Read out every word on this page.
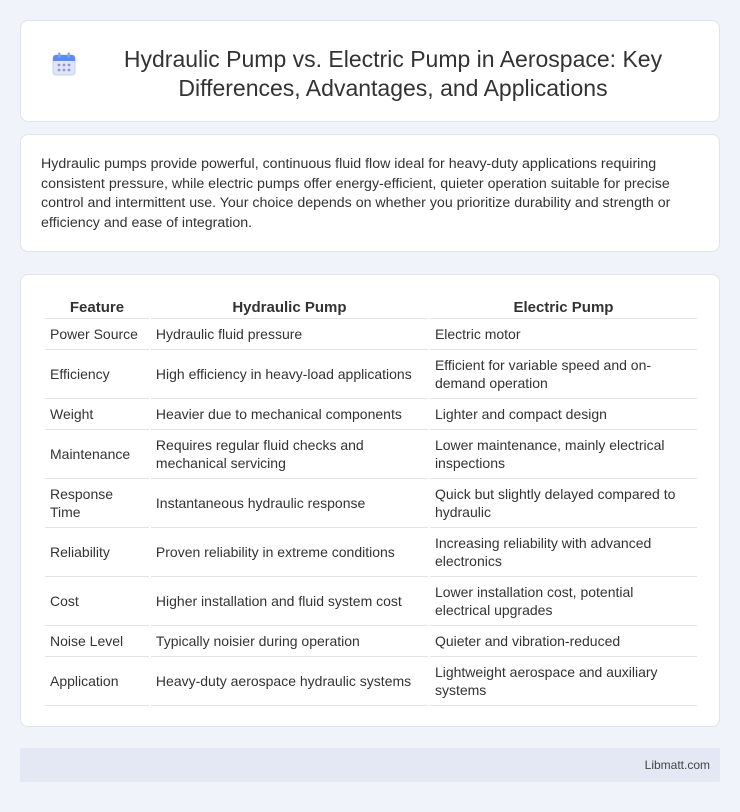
Hydraulic Pump vs. Electric Pump in Aerospace: Key Differences, Advantages, and Applications

Hydraulic pumps provide powerful, continuous fluid flow ideal for heavy-duty applications requiring consistent pressure, while electric pumps offer energy-efficient, quieter operation suitable for precise control and intermittent use. Your choice depends on whether you prioritize durability and strength or efficiency and ease of integration.

Feature	Hydraulic Pump	Electric Pump
Power Source	Hydraulic fluid pressure	Electric motor
Efficiency	High efficiency in heavy-load applications	Efficient for variable speed and on-demand operation
Weight	Heavier due to mechanical components	Lighter and compact design
Maintenance	Requires regular fluid checks and mechanical servicing	Lower maintenance, mainly electrical inspections
Response Time	Instantaneous hydraulic response	Quick but slightly delayed compared to hydraulic
Reliability	Proven reliability in extreme conditions	Increasing reliability with advanced electronics
Cost	Higher installation and fluid system cost	Lower installation cost, potential electrical upgrades
Noise Level	Typically noisier during operation	Quieter and vibration-reduced
Application	Heavy-duty aerospace hydraulic systems	Lightweight aerospace and auxiliary systems
Libmatt.com
